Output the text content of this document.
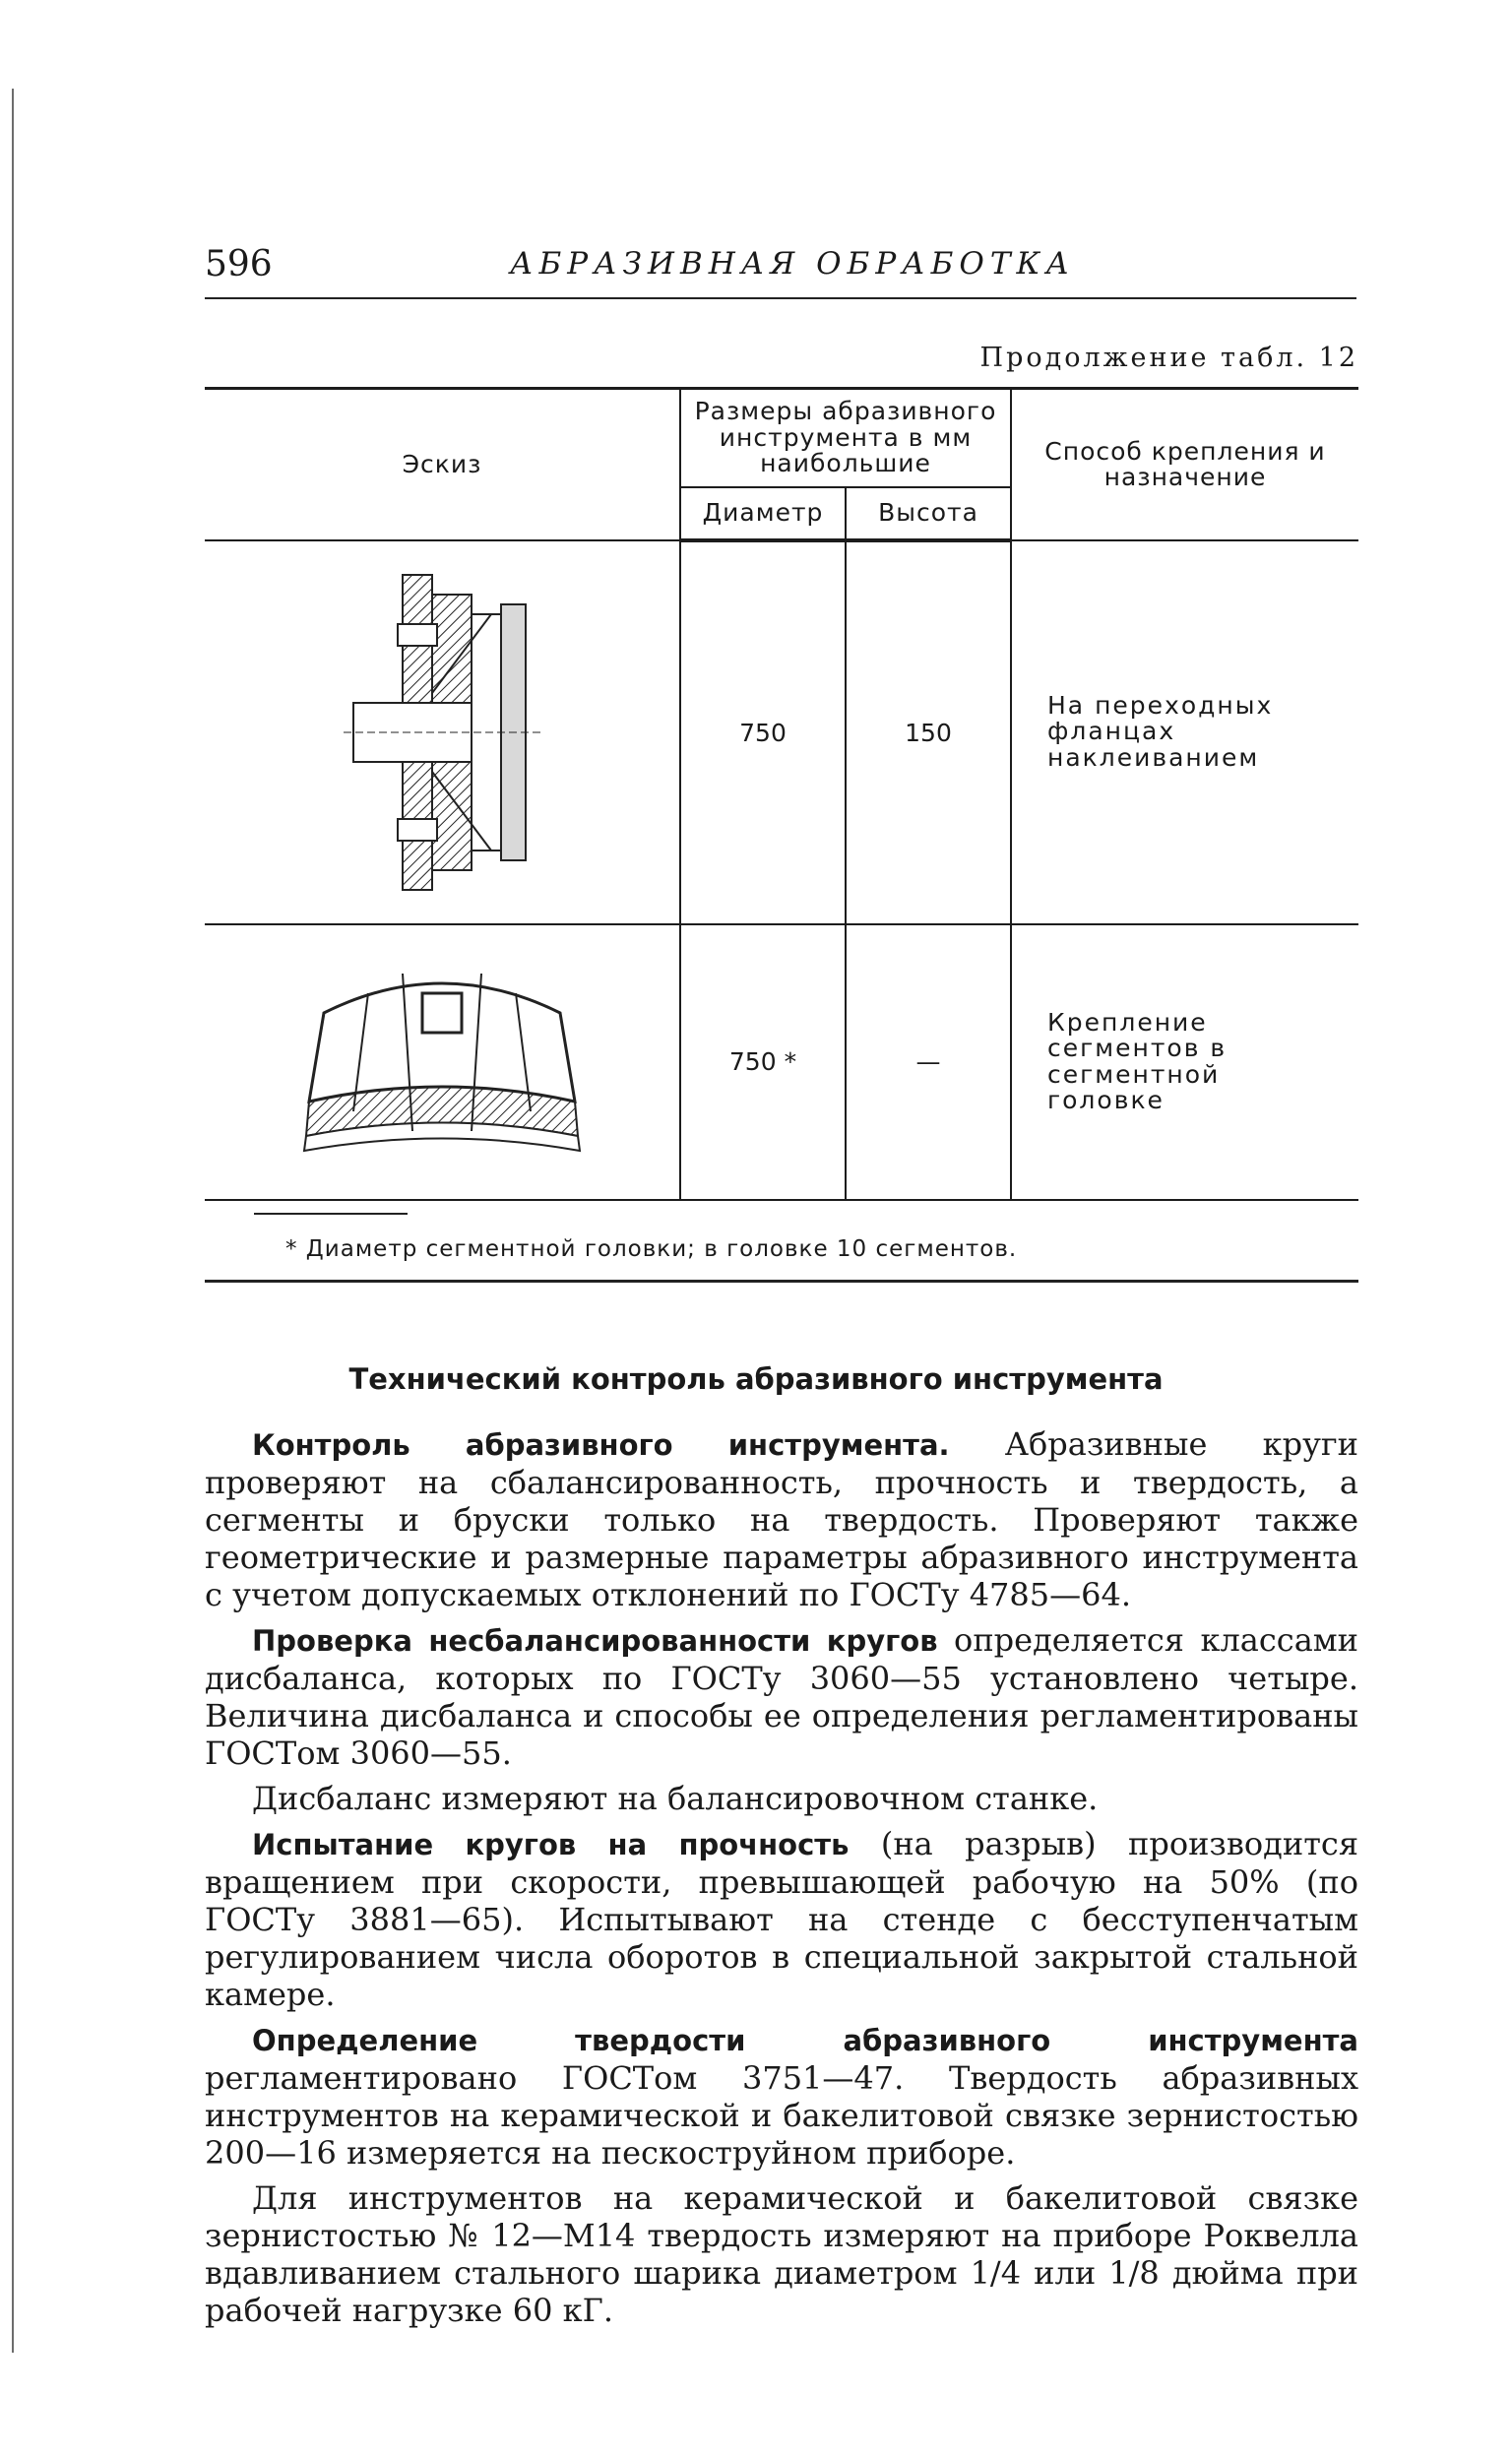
596	АБРАЗИВНАЯ ОБРАБОТКА
Продолжение табл. 12
Эскиз	Размеры абразивного инструмента в мм наибольшие		Способ крепления и назначение
	Диаметр	Высота	

	750	150	На переходных фланцах наклеиванием

	750 *	—	Крепление сегментов в сегментной головке
* Диаметр сегментной головки; в головке 10 сегментов.
Технический контроль абразивного инструмента

Контроль абразивного инструмента. Абразивные круги проверяют на сбалансированность, прочность и твердость, а сегменты и бруски только на твердость. Проверяют также геометрические и размерные параметры абразивного инструмента с учетом допускаемых отклонений по ГОСТу 4785—64.

Проверка несбалансированности кругов определяется классами дисбаланса, которых по ГОСТу 3060—55 установлено четыре. Величина дисбаланса и способы ее определения регламентированы ГОСТом 3060—55.

Дисбаланс измеряют на балансировочном станке.

Испытание кругов на прочность (на разрыв) производится вращением при скорости, превышающей рабочую на 50% (по ГОСТу 3881—65). Испытывают на стенде с бесступенчатым регулированием числа оборотов в специальной закрытой стальной камере.

Определение твердости абразивного инструмента регламентировано ГОСТом 3751—47. Твердость абразивных инструментов на керамической и бакелитовой связке зернистостью 200—16 измеряется на пескоструйном приборе.

Для инструментов на керамической и бакелитовой связке зернистостью № 12—М14 твердость измеряют на приборе Роквелла вдавливанием стального шарика диаметром 1/4 или 1/8 дюйма при рабочей нагрузке 60 кГ.
